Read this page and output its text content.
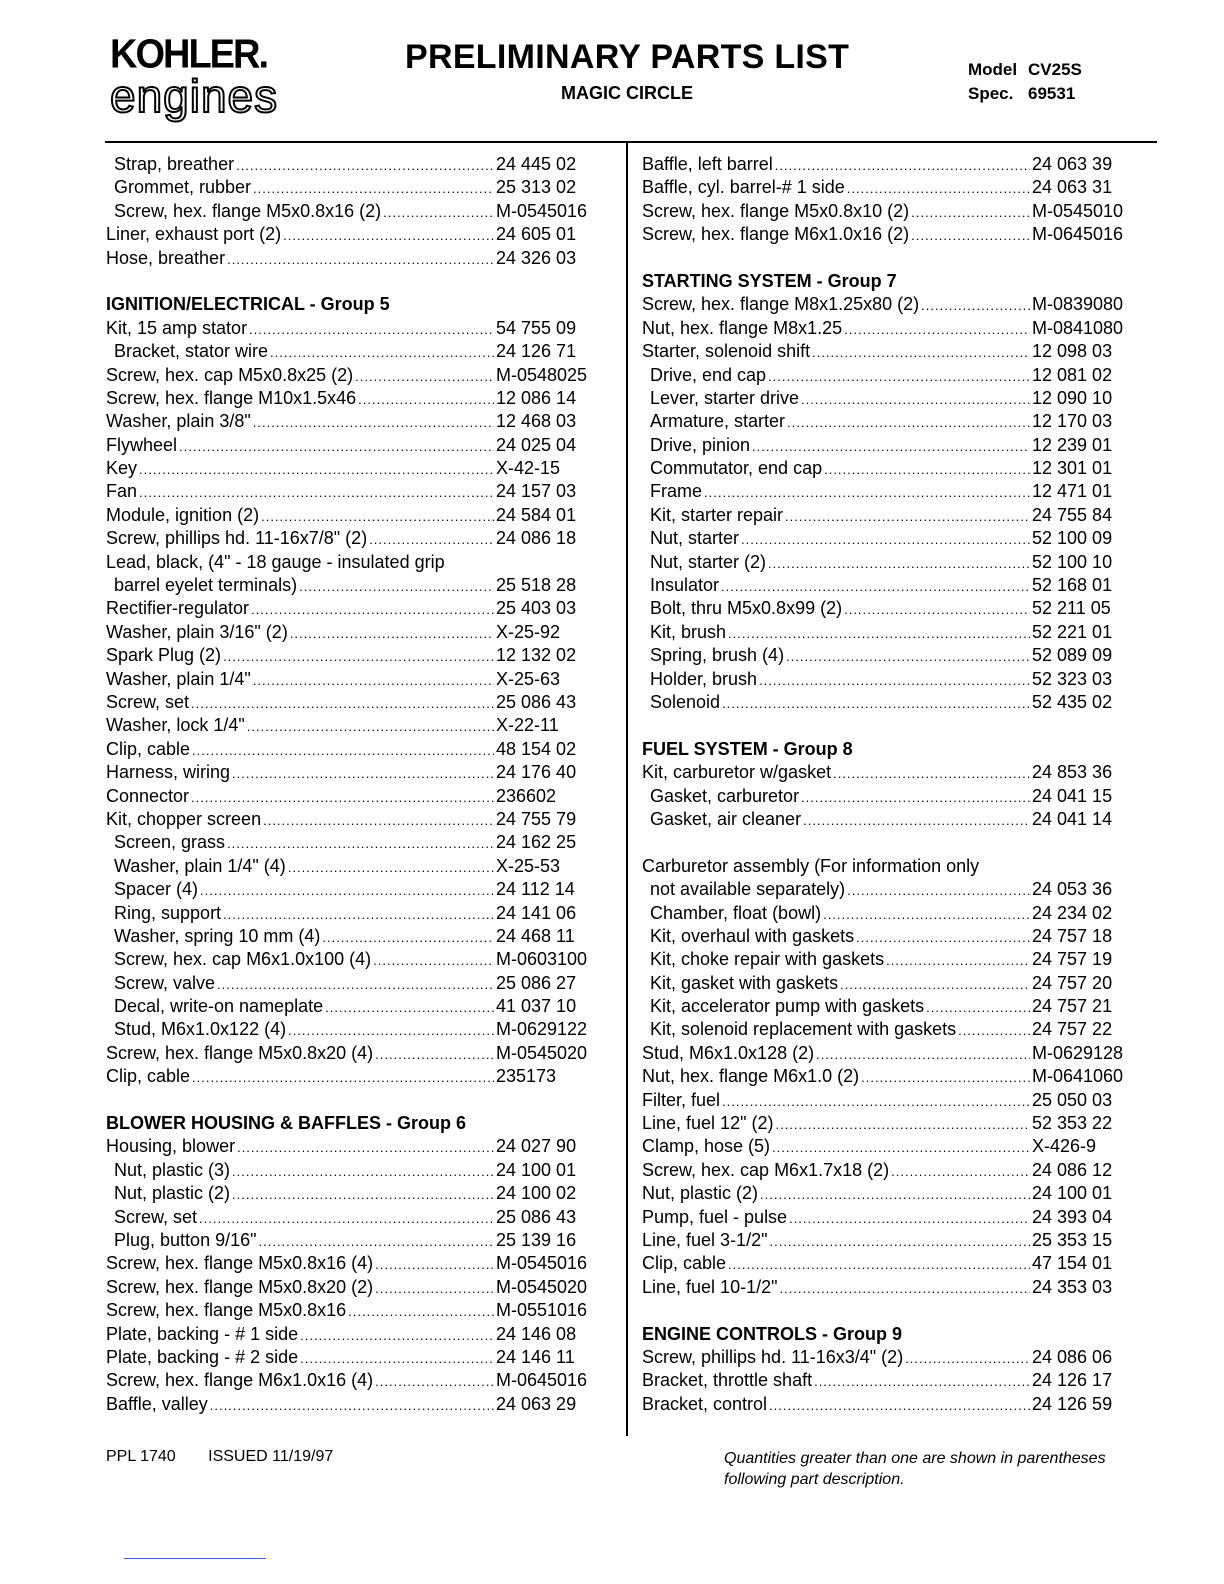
KOHLER.
engines
PRELIMINARY PARTS LIST
MAGIC CIRCLE
Model CV25S
Spec. 69531
Strap, breather .....	24 445 02
Grommet, rubber .....	25 313 02
Screw, hex. flange M5x0.8x16 (2) .....	M-0545016
Liner, exhaust port (2) .....	24 605 01
Hose, breather .....	24 326 03
IGNITION/ELECTRICAL - Group 5
Kit, 15 amp stator .....	54 755 09
Bracket, stator wire .....	24 126 71
Screw, hex. cap M5x0.8x25 (2) .....	M-0548025
Screw, hex. flange M10x1.5x46 .....	12 086 14
Washer, plain 3/8" .....	12 468 03
Flywheel .....	24 025 04
Key .....	X-42-15
Fan .....	24 157 03
Module, ignition (2) .....	24 584 01
Screw, phillips hd. 11-16x7/8" (2) .....	24 086 18
Lead, black, (4" - 18 gauge - insulated grip
barrel eyelet terminals) .....	25 518 28
Rectifier-regulator .....	25 403 03
Washer, plain 3/16" (2) .....	X-25-92
Spark Plug (2) .....	12 132 02
Washer, plain 1/4" .....	X-25-63
Screw, set .....	25 086 43
Washer, lock 1/4" .....	X-22-11
Clip, cable .....	48 154 02
Harness, wiring .....	24 176 40
Connector .....	236602
Kit, chopper screen .....	24 755 79
Screen, grass .....	24 162 25
Washer, plain 1/4" (4) .....	X-25-53
Spacer (4) .....	24 112 14
Ring, support .....	24 141 06
Washer, spring 10 mm (4) .....	24 468 11
Screw, hex. cap M6x1.0x100 (4) .....	M-0603100
Screw, valve .....	25 086 27
Decal, write-on nameplate .....	41 037 10
Stud, M6x1.0x122 (4) .....	M-0629122
Screw, hex. flange M5x0.8x20 (4) .....	M-0545020
Clip, cable .....	235173
BLOWER HOUSING & BAFFLES - Group 6
Housing, blower .....	24 027 90
Nut, plastic (3) .....	24 100 01
Nut, plastic (2) .....	24 100 02
Screw, set .....	25 086 43
Plug, button 9/16" .....	25 139 16
Screw, hex. flange M5x0.8x16 (4) .....	M-0545016
Screw, hex. flange M5x0.8x20 (2) .....	M-0545020
Screw, hex. flange M5x0.8x16 .....	M-0551016
Plate, backing - # 1 side .....	24 146 08
Plate, backing - # 2 side .....	24 146 11
Screw, hex. flange M6x1.0x16 (4) .....	M-0645016
Baffle, valley .....	24 063 29
Baffle, left barrel .....	24 063 39
Baffle, cyl. barrel-# 1 side .....	24 063 31
Screw, hex. flange M5x0.8x10 (2) .....	M-0545010
Screw, hex. flange M6x1.0x16 (2) .....	M-0645016
STARTING SYSTEM - Group 7
Screw, hex. flange M8x1.25x80 (2) .....	M-0839080
Nut, hex. flange M8x1.25 .....	M-0841080
Starter, solenoid shift .....	12 098 03
Drive, end cap .....	12 081 02
Lever, starter drive .....	12 090 10
Armature, starter .....	12 170 03
Drive, pinion .....	12 239 01
Commutator, end cap .....	12 301 01
Frame .....	12 471 01
Kit, starter repair .....	24 755 84
Nut, starter .....	52 100 09
Nut, starter (2) .....	52 100 10
Insulator .....	52 168 01
Bolt, thru M5x0.8x99 (2) .....	52 211 05
Kit, brush .....	52 221 01
Spring, brush (4) .....	52 089 09
Holder, brush .....	52 323 03
Solenoid .....	52 435 02
FUEL SYSTEM - Group 8
Kit, carburetor w/gasket .....	24 853 36
Gasket, carburetor .....	24 041 15
Gasket, air cleaner .....	24 041 14
Carburetor assembly (For information only
not available separately) .....	24 053 36
Chamber, float (bowl) .....	24 234 02
Kit, overhaul with gaskets .....	24 757 18
Kit, choke repair with gaskets .....	24 757 19
Kit, gasket with gaskets .....	24 757 20
Kit, accelerator pump with gaskets .....	24 757 21
Kit, solenoid replacement with gaskets .....	24 757 22
Stud, M6x1.0x128 (2) .....	M-0629128
Nut, hex. flange M6x1.0 (2) .....	M-0641060
Filter, fuel .....	25 050 03
Line, fuel 12" (2) .....	52 353 22
Clamp, hose (5) .....	X-426-9
Screw, hex. cap M6x1.7x18 (2) .....	24 086 12
Nut, plastic (2) .....	24 100 01
Pump, fuel - pulse .....	24 393 04
Line, fuel 3-1/2" .....	25 353 15
Clip, cable .....	47 154 01
Line, fuel 10-1/2" .....	24 353 03
ENGINE CONTROLS - Group 9
Screw, phillips hd. 11-16x3/4" (2) .....	24 086 06
Bracket, throttle shaft .....	24 126 17
Bracket, control .....	24 126 59
PPL 1740 ISSUED 11/19/97	Quantities greater than one are shown in parentheses
following part description.
